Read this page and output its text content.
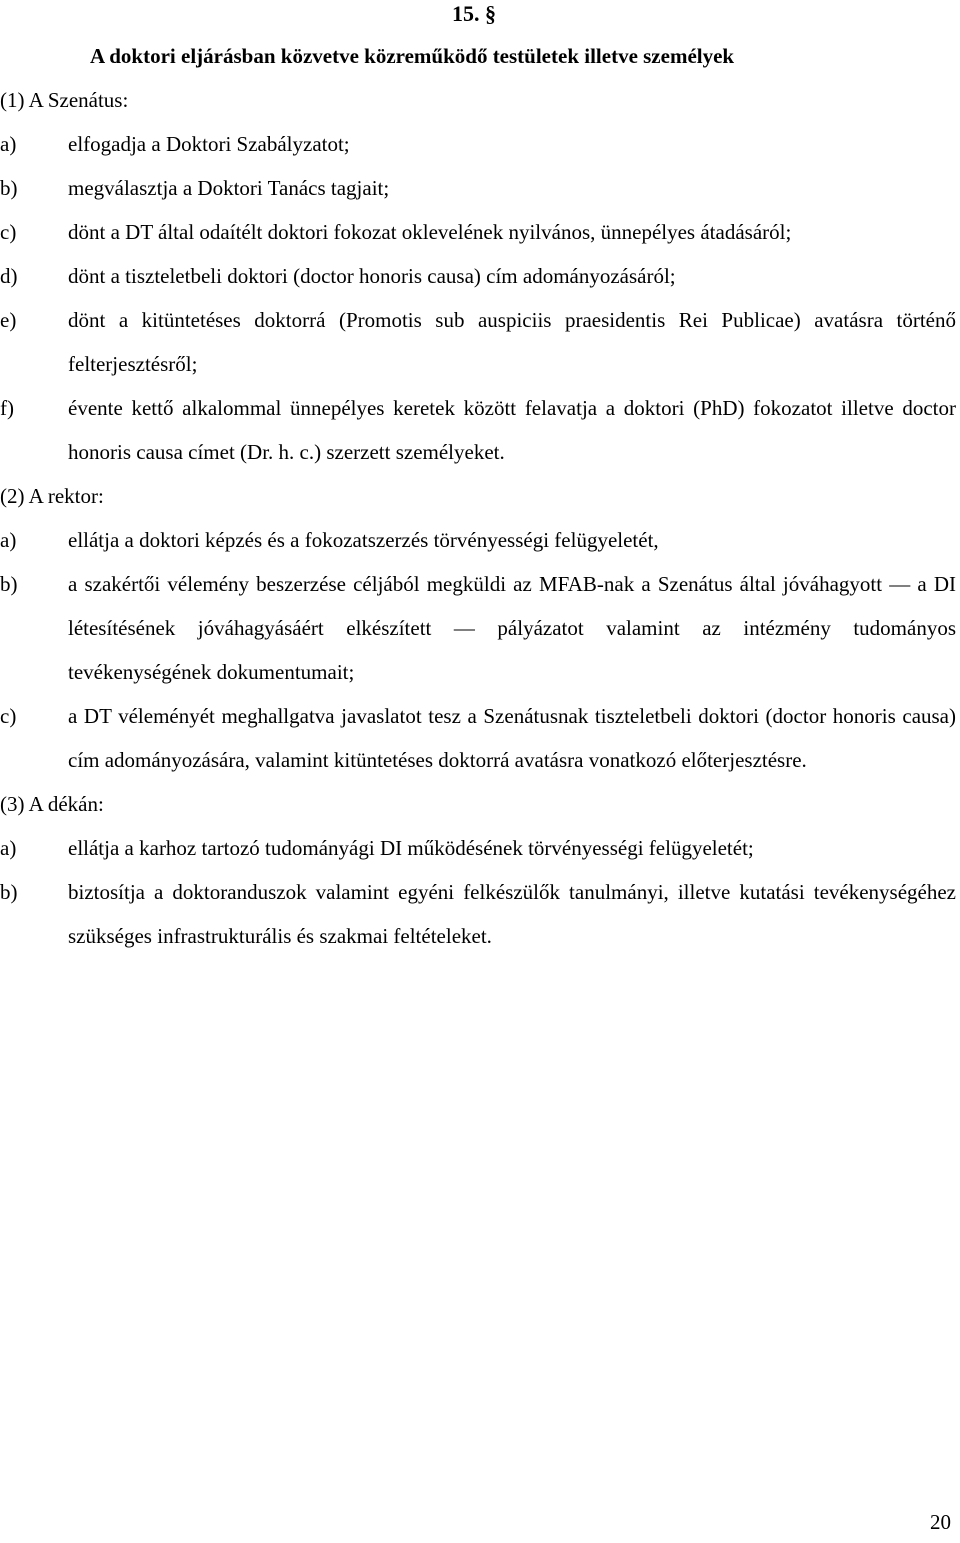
15. §
A doktori eljárásban közvetve közreműködő testületek illetve személyek
(1) A Szenátus:
a)	elfogadja a Doktori Szabályzatot;
b)	megválasztja a Doktori Tanács tagjait;
c)	dönt a DT által odaítélt doktori fokozat oklevelének nyilvános, ünnepélyes átadásáról;
d)	dönt a tiszteletbeli doktori (doctor honoris causa) cím adományozásáról;
e)	dönt a kitüntetéses doktorrá (Promotis sub auspiciis praesidentis Rei Publicae) avatásra történő felterjesztésről;
f)	évente kettő alkalommal ünnepélyes keretek között felavatja a doktori (PhD) fokozatot illetve doctor honoris causa címet (Dr. h. c.) szerzett személyeket.
(2) A rektor:
a)	ellátja a doktori képzés és a fokozatszerzés törvényességi felügyeletét,
b)	a szakértői vélemény beszerzése céljából megküldi az MFAB-nak a Szenátus által jóváhagyott — a DI létesítésének jóváhagyásáért elkészített — pályázatot valamint az intézmény tudományos tevékenységének dokumentumait;
c)	a DT véleményét meghallgatva javaslatot tesz a Szenátusnak tiszteletbeli doktori (doctor honoris causa) cím adományozására, valamint kitüntetéses doktorrá avatásra vonatkozó előterjesztésre.
(3) A dékán:
a)	ellátja a karhoz tartozó tudományági DI működésének törvényességi felügyeletét;
b)	biztosítja a doktoranduszok valamint egyéni felkészülők tanulmányi, illetve kutatási tevékenységéhez szükséges infrastrukturális és szakmai feltételeket.
20
